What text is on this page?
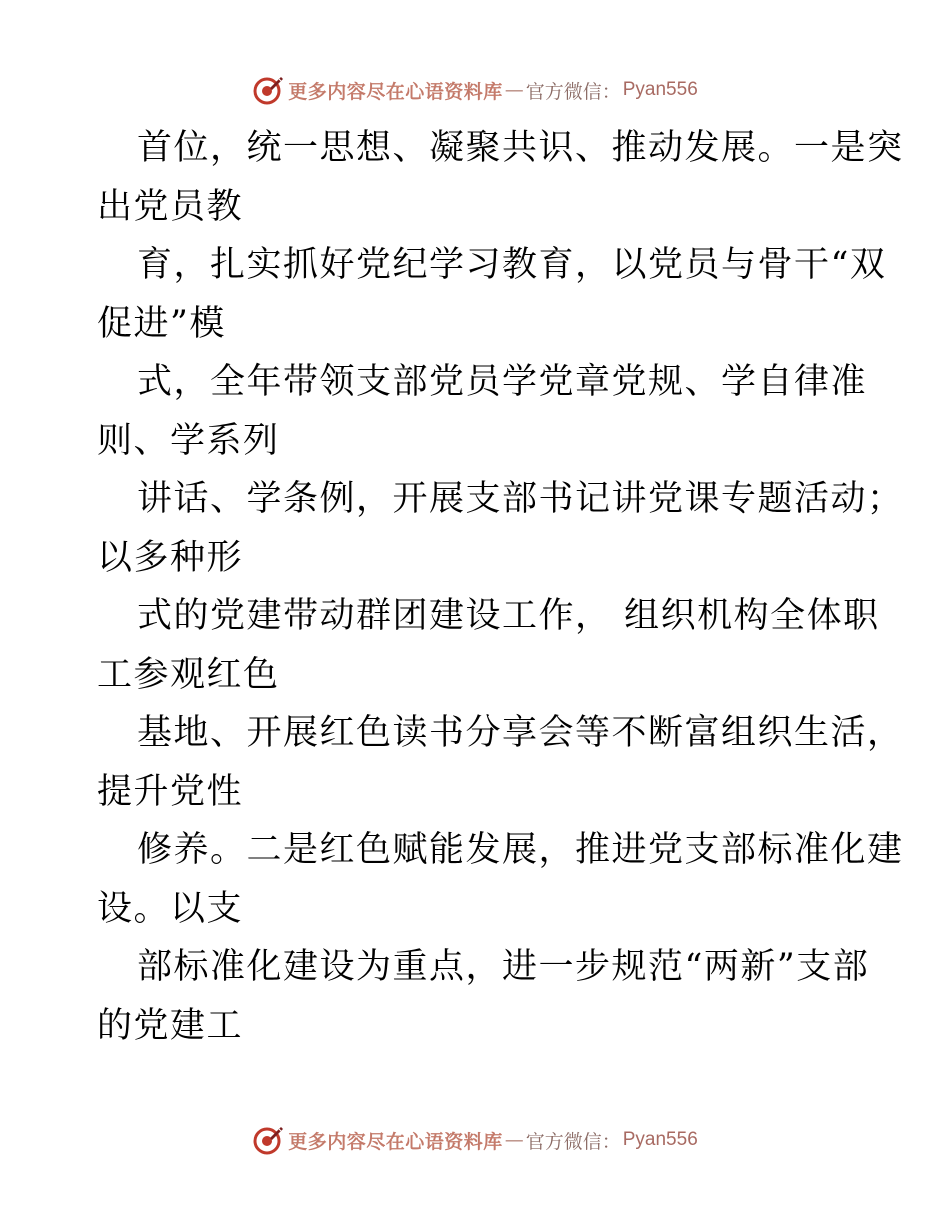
更多内容尽在心语资料库 — 官方微信： Pyan556
首位，统一思想、凝聚共识、推动发展。一是突
出党员教
育，扎实抓好党纪学习教育，以党员与骨干“双
促进”模
式，全年带领支部党员学党章党规、学自律准
则、学系列
讲话、学条例，开展支部书记讲党课专题活动；
以多种形
式的党建带动群团建设工作， 组织机构全体职
工参观红色
基地、开展红色读书分享会等不断富组织生活，
提升党性
修养。二是红色赋能发展，推进党支部标准化建
设。以支
部标准化建设为重点，进一步规范“两新”支部
的党建工
更多内容尽在心语资料库 — 官方微信： Pyan556
